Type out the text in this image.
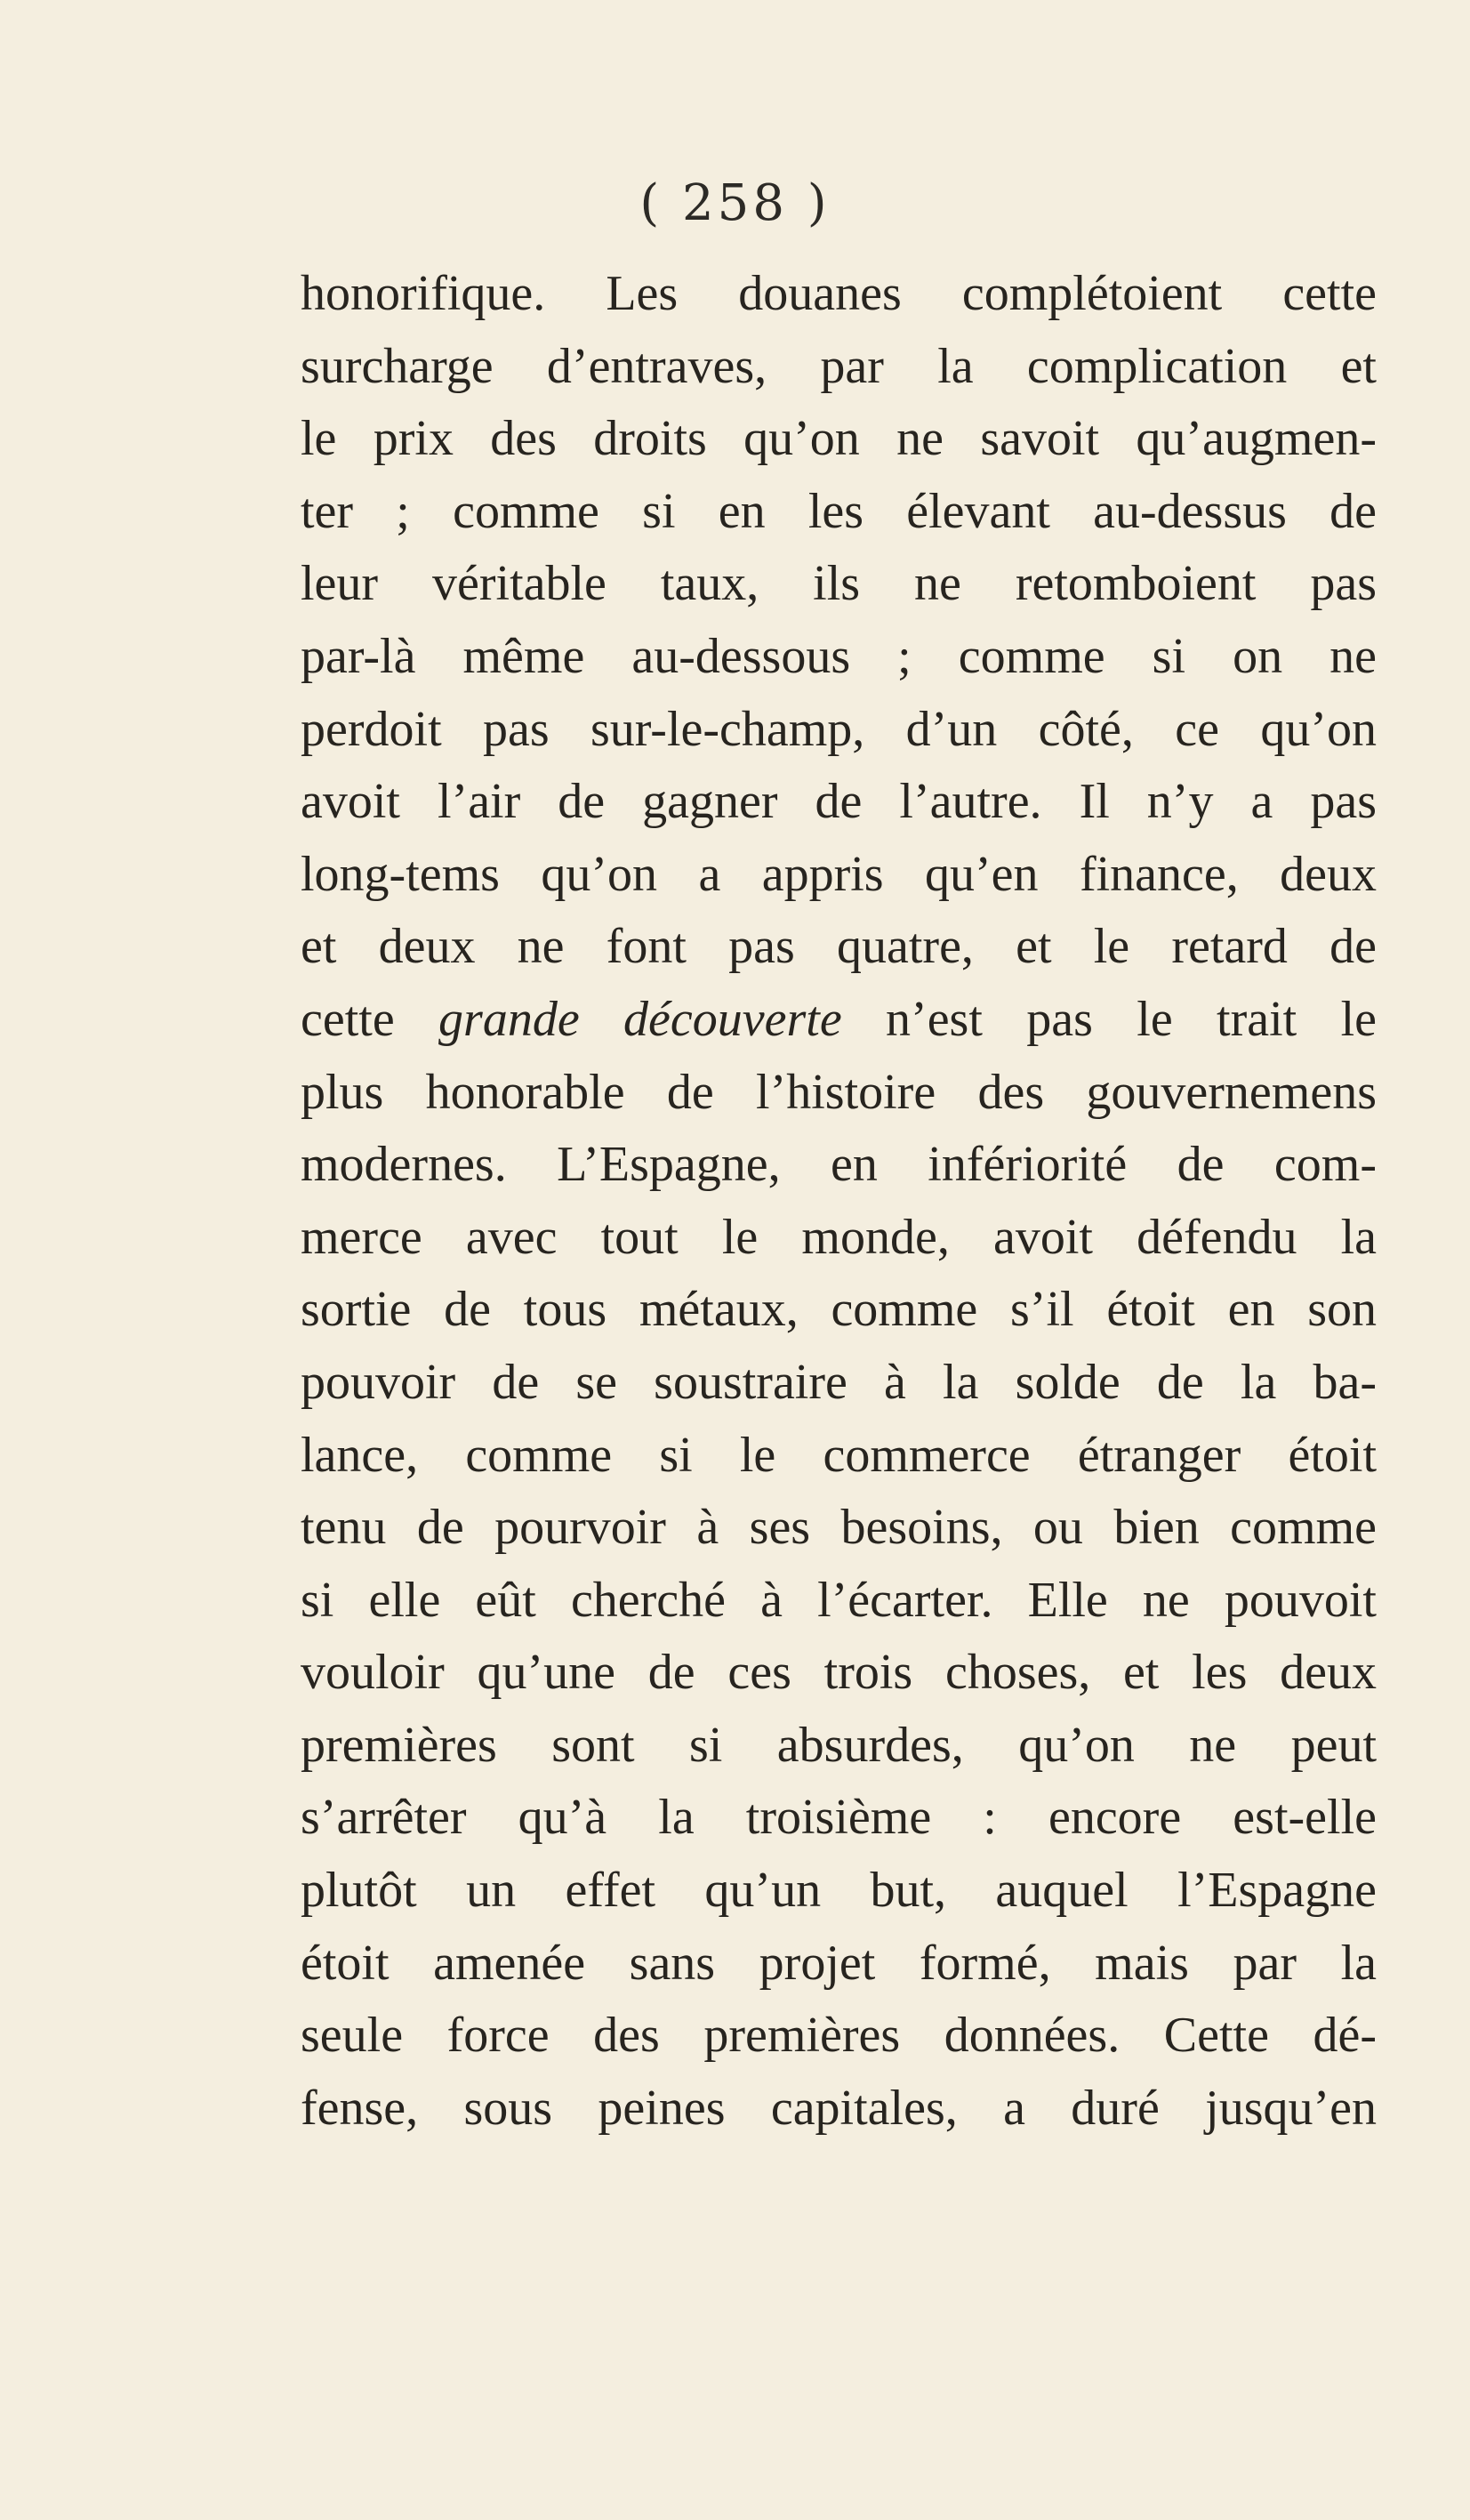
( 258 )
honorifique. Les douanes complétoient cette
surcharge d’entraves, par la complication et
le prix des droits qu’on ne savoit qu’augmen-
ter ; comme si en les élevant au-dessus de
leur véritable taux, ils ne retomboient pas
par-là même au-dessous ; comme si on ne
perdoit pas sur-le-champ, d’un côté, ce qu’on
avoit l’air de gagner de l’autre. Il n’y a pas
long-tems qu’on a appris qu’en finance, deux
et deux ne font pas quatre, et le retard de
cette grande découverte n’est pas le trait le
plus honorable de l’histoire des gouvernemens
modernes. L’Espagne, en infériorité de com-
merce avec tout le monde, avoit défendu la
sortie de tous métaux, comme s’il étoit en son
pouvoir de se soustraire à la solde de la ba-
lance, comme si le commerce étranger étoit
tenu de pourvoir à ses besoins, ou bien comme
si elle eût cherché à l’écarter. Elle ne pouvoit
vouloir qu’une de ces trois choses, et les deux
premières sont si absurdes, qu’on ne peut
s’arrêter qu’à la troisième : encore est-elle
plutôt un effet qu’un but, auquel l’Espagne
étoit amenée sans projet formé, mais par la
seule force des premières données. Cette dé-
fense, sous peines capitales, a duré jusqu’en
